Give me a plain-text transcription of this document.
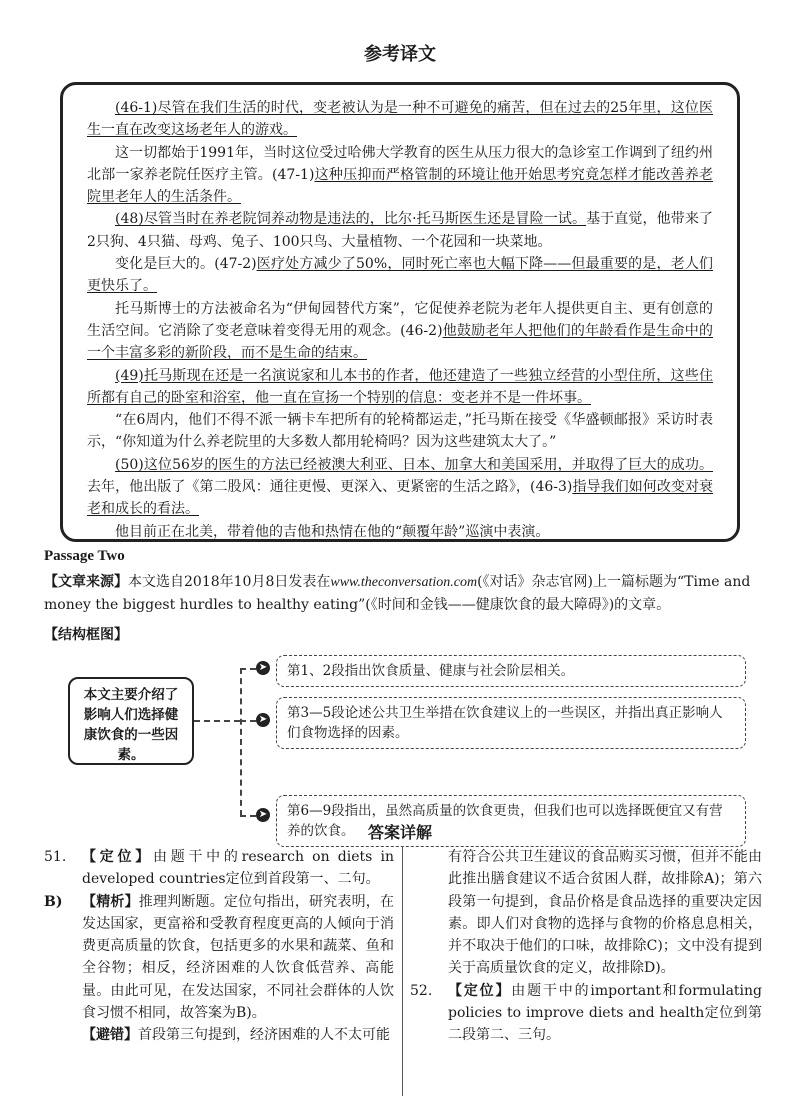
参考译文

(46-1)尽管在我们生活的时代，变老被认为是一种不可避免的痛苦，但在过去的25年里，这位医生一直在改变这场老年人的游戏。

这一切都始于1991年，当时这位受过哈佛大学教育的医生从压力很大的急诊室工作调到了纽约州北部一家养老院任医疗主管。(47-1)这种压抑而严格管制的环境让他开始思考究竟怎样才能改善养老院里老年人的生活条件。

(48)尽管当时在养老院饲养动物是违法的，比尔·托马斯医生还是冒险一试。基于直觉，他带来了2只狗、4只猫、母鸡、兔子、100只鸟、大量植物、一个花园和一块菜地。

变化是巨大的。(47-2)医疗处方减少了50%，同时死亡率也大幅下降——但最重要的是，老人们更快乐了。

托马斯博士的方法被命名为“伊甸园替代方案”，它促使养老院为老年人提供更自主、更有创意的生活空间。它消除了变老意味着变得无用的观念。(46-2)他鼓励老年人把他们的年龄看作是生命中的一个丰富多彩的新阶段，而不是生命的结束。

(49)托马斯现在还是一名演说家和儿本书的作者，他还建造了一些独立经营的小型住所，这些住所都有自己的卧室和浴室，他一直在宣扬一个特别的信息：变老并不是一件坏事。

“在6周内，他们不得不派一辆卡车把所有的轮椅都运走，”托马斯在接受《华盛顿邮报》采访时表示，“你知道为什么养老院里的大多数人都用轮椅吗？因为这些建筑太大了。”

(50)这位56岁的医生的方法已经被澳大利亚、日本、加拿大和美国采用，并取得了巨大的成功。去年，他出版了《第二股风：通往更慢、更深入、更紧密的生活之路》，(46-3)指导我们如何改变对衰老和成长的看法。

他目前正在北美，带着他的吉他和热情在他的“颠覆年龄”巡演中表演。

Passage Two
【文章来源】本文选自2018年10月8日发表在www.theconversation.com(《对话》杂志官网)上一篇标题为“Time and money the biggest hurdles to healthy eating”(《时间和金钱——健康饮食的最大障碍》)的文章。
【结构框图】
本文主要介绍了影响人们选择健康饮食的一些因素。
➤
➤
➤
第1、2段指出饮食质量、健康与社会阶层相关。
第3—5段论述公共卫生举措在饮食建议上的一些误区，并指出真正影响人们食物选择的因素。
第6—9段指出，虽然高质量的饮食更贵，但我们也可以选择既便宜又有营养的饮食。 答案详解
51.
B)
【定位】由题干中的research on diets in developed countries定位到首段第一、二句。
【精析】推理判断题。定位句指出，研究表明，在发达国家，更富裕和受教育程度更高的人倾向于消费更高质量的饮食，包括更多的水果和蔬菜、鱼和全谷物；相反，经济困难的人饮食低营养、高能量。由此可见，在发达国家，不同社会群体的人饮食习惯不相同，故答案为B)。
【避错】首段第三句提到，经济困难的人不太可能
有符合公共卫生建议的食品购买习惯，但并不能由此推出膳食建议不适合贫困人群，故排除A)；第六段第一句提到，食品价格是食品选择的重要决定因素。即人们对食物的选择与食物的价格息息相关，并不取决于他们的口味，故排除C)；文中没有提到关于高质量饮食的定义，故排除D)。
52. 【定位】由题干中的important和formulating policies to improve diets and health定位到第二段第二、三句。
